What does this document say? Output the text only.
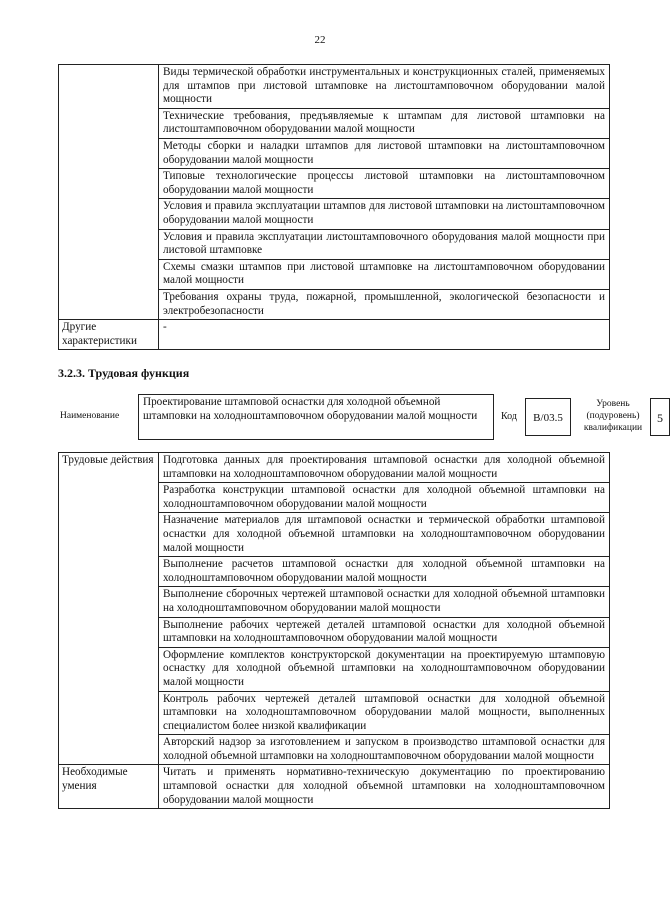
22
	Виды термической обработки инструментальных и конструкционных сталей, применяемых для штампов при листовой штамповке на листоштамповочном оборудовании малой мощности
	Технические требования, предъявляемые к штампам для листовой штамповки на листоштамповочном оборудовании малой мощности
	Методы сборки и наладки штампов для листовой штамповки на листоштамповочном оборудовании малой мощности
	Типовые технологические процессы листовой штамповки на листоштамповочном оборудовании малой мощности
	Условия и правила эксплуатации штампов для листовой штамповки на листоштамповочном оборудовании малой мощности
	Условия и правила эксплуатации листоштамповочного оборудования малой мощности при листовой штамповке
	Схемы смазки штампов при листовой штамповке на листоштамповочном оборудовании малой мощности
	Требования охраны труда, пожарной, промышленной, экологической безопасности и электробезопасности
Другие характеристики	-
3.2.3. Трудовая функция
Наименование
Проектирование штамповой оснастки для холодной объемной штамповки на холодноштамповочном оборудовании малой мощности	Код	B/03.5
Уровень (подуровень) квалификации
5
Трудовые действия	Подготовка данных для проектирования штамповой оснастки для холодной объемной штамповки на холодноштамповочном оборудовании малой мощности
	Разработка конструкции штамповой оснастки для холодной объемной штамповки на холодноштамповочном оборудовании малой мощности
	Назначение материалов для штамповой оснастки и термической обработки штамповой оснастки для холодной объемной штамповки на холодноштамповочном оборудовании малой мощности
	Выполнение расчетов штамповой оснастки для холодной объемной штамповки на холодноштамповочном оборудовании малой мощности
	Выполнение сборочных чертежей штамповой оснастки для холодной объемной штамповки на холодноштамповочном оборудовании малой мощности
	Выполнение рабочих чертежей деталей штамповой оснастки для холодной объемной штамповки на холодноштамповочном оборудовании малой мощности
	Оформление комплектов конструкторской документации на проектируемую штамповую оснастку для холодной объемной штамповки на холодноштамповочном оборудовании малой мощности
	Контроль рабочих чертежей деталей штамповой оснастки для холодной объемной штамповки на холодноштамповочном оборудовании малой мощности, выполненных специалистом более низкой квалификации
	Авторский надзор за изготовлением и запуском в производство штамповой оснастки для холодной объемной штамповки на холодноштамповочном оборудовании малой мощности
Необходимые умения	Читать и применять нормативно-техническую документацию по проектированию штамповой оснастки для холодной объемной штамповки на холодноштамповочном оборудовании малой мощности
